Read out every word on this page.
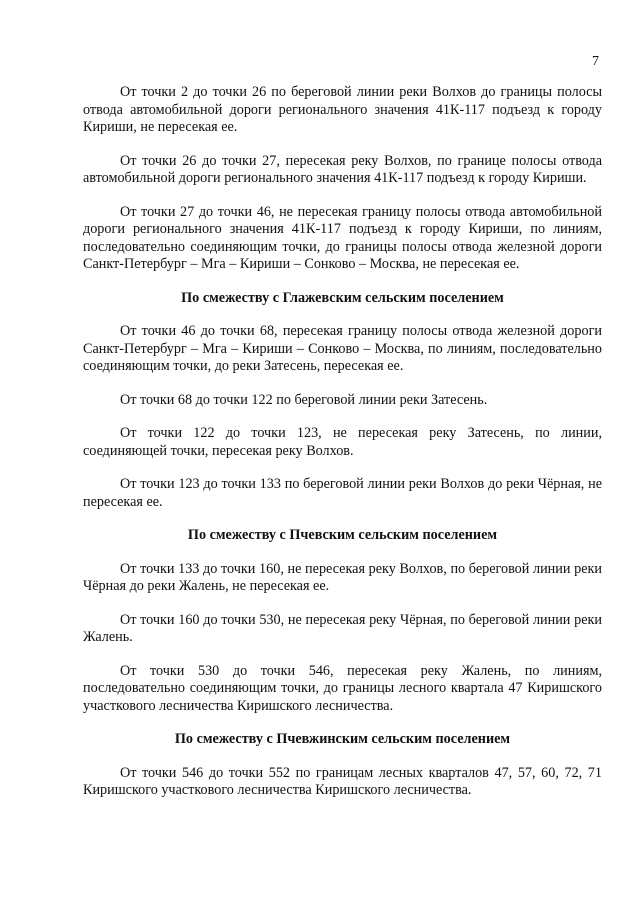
7

От точки 2 до точки 26 по береговой линии реки Волхов до границы полосы отвода автомобильной дороги регионального значения 41К-117 подъезд к городу Кириши, не пересекая ее.

От точки 26 до точки 27, пересекая реку Волхов, по границе полосы отвода автомобильной дороги регионального значения 41К-117 подъезд к городу Кириши.

От точки 27 до точки 46, не пересекая границу полосы отвода автомобильной дороги регионального значения 41К-117 подъезд к городу Кириши, по линиям, последовательно соединяющим точки, до границы полосы отвода железной дороги Санкт-Петербург – Мга – Кириши – Сонково – Москва, не пересекая ее.

По смежеству с Глажевским сельским поселением

От точки 46 до точки 68, пересекая границу полосы отвода железной дороги Санкт-Петербург – Мга – Кириши – Сонково – Москва, по линиям, последовательно соединяющим точки, до реки Затесень, пересекая ее.

От точки 68 до точки 122 по береговой линии реки Затесень.

От точки 122 до точки 123, не пересекая реку Затесень, по линии, соединяющей точки, пересекая реку Волхов.

От точки 123 до точки 133 по береговой линии реки Волхов до реки Чёрная, не пересекая ее.

По смежеству с Пчевским сельским поселением

От точки 133 до точки 160, не пересекая реку Волхов, по береговой линии реки Чёрная до реки Жалень, не пересекая ее.

От точки 160 до точки 530, не пересекая реку Чёрная, по береговой линии реки Жалень.

От точки 530 до точки 546, пересекая реку Жалень, по линиям, последовательно соединяющим точки, до границы лесного квартала 47 Киришского участкового лесничества Киришского лесничества.

По смежеству с Пчевжинским сельским поселением

От точки 546 до точки 552 по границам лесных кварталов 47, 57, 60, 72, 71 Киришского участкового лесничества Киришского лесничества.
